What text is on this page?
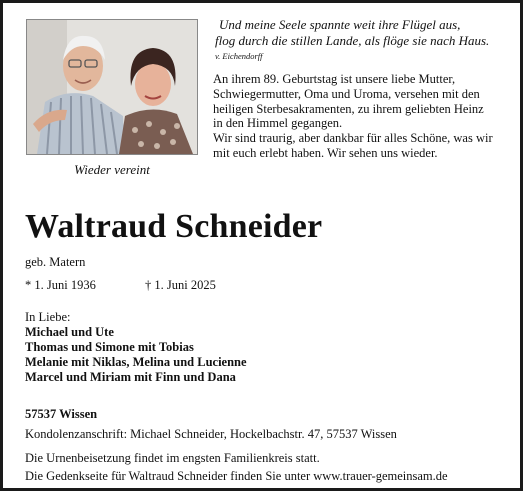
Wieder vereint
Und meine Seele spannte weit ihre Flügel aus,
flog durch die stillen Lande, als flöge sie nach Haus.
v. Eichendorff
An ihrem 89. Geburtstag ist unsere liebe Mutter,
Schwiegermutter, Oma und Uroma, versehen mit den
heiligen Sterbesakramenten, zu ihrem geliebten Heinz
in den Himmel gegangen.
Wir sind traurig, aber dankbar für alles Schöne, was wir
mit euch erlebt haben. Wir sehen uns wieder.
Waltraud Schneider
geb. Matern
* 1. Juni 1936	† 1. Juni 2025
In Liebe:
Michael und Ute
Thomas und Simone mit Tobias
Melanie mit Niklas, Melina und Lucienne
Marcel und Miriam mit Finn und Dana
57537 Wissen
Kondolenzanschrift: Michael Schneider, Hockelbachstr. 47, 57537 Wissen
Die Urnenbeisetzung findet im engsten Familienkreis statt.
Die Gedenkseite für Waltraud Schneider finden Sie unter www.trauer-gemeinsam.de
